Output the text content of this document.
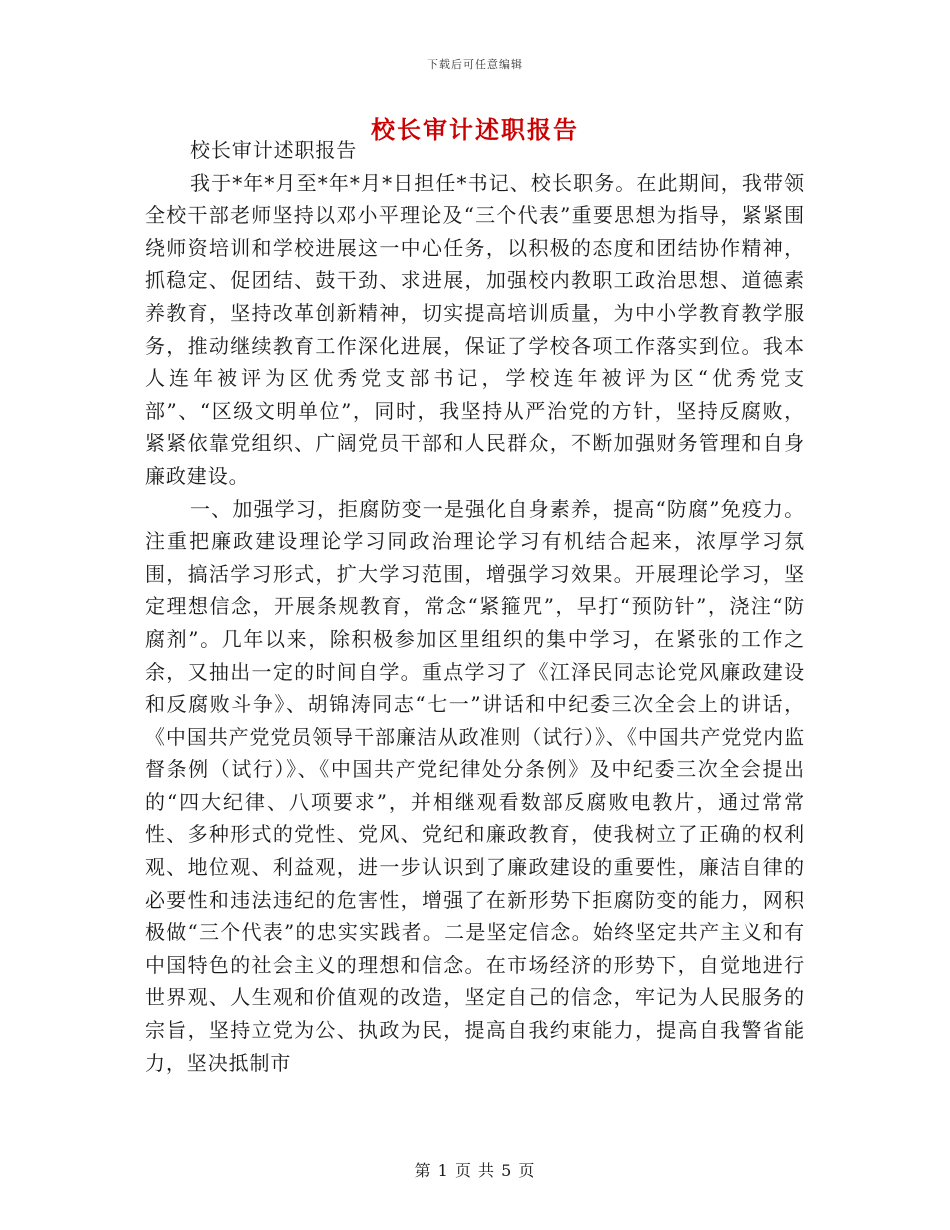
下载后可任意编辑
校长审计述职报告

校长审计述职报告

我于*年*月至*年*月*日担任*书记、校长职务。在此期间，我带领全校干部老师坚持以邓小平理论及“三个代表”重要思想为指导，紧紧围绕师资培训和学校进展这一中心任务，以积极的态度和团结协作精神，抓稳定、促团结、鼓干劲、求进展，加强校内教职工政治思想、道德素养教育，坚持改革创新精神，切实提高培训质量，为中小学教育教学服务，推动继续教育工作深化进展，保证了学校各项工作落实到位。我本人连年被评为区优秀党支部书记，学校连年被评为区“优秀党支部”、“区级文明单位”，同时，我坚持从严治党的方针，坚持反腐败，紧紧依靠党组织、广阔党员干部和人民群众，不断加强财务管理和自身廉政建设。

一、加强学习，拒腐防变一是强化自身素养，提高“防腐”免疫力。注重把廉政建设理论学习同政治理论学习有机结合起来，浓厚学习氛围，搞活学习形式，扩大学习范围，增强学习效果。开展理论学习，坚定理想信念，开展条规教育，常念“紧箍咒”，早打“预防针”，浇注“防腐剂”。几年以来，除积极参加区里组织的集中学习，在紧张的工作之余，又抽出一定的时间自学。重点学习了《江泽民同志论党风廉政建设和反腐败斗争》、胡锦涛同志“七一”讲话和中纪委三次全会上的讲话，《中国共产党党员领导干部廉洁从政准则（试行）》、《中国共产党党内监督条例（试行）》、《中国共产党纪律处分条例》及中纪委三次全会提出的“四大纪律、八项要求”，并相继观看数部反腐败电教片，通过常常性、多种形式的党性、党风、党纪和廉政教育，使我树立了正确的权利观、地位观、利益观，进一步认识到了廉政建设的重要性，廉洁自律的必要性和违法违纪的危害性，增强了在新形势下拒腐防变的能力，网积极做“三个代表”的忠实实践者。二是坚定信念。始终坚定共产主义和有中国特色的社会主义的理想和信念。在市场经济的形势下，自觉地进行世界观、人生观和价值观的改造，坚定自己的信念，牢记为人民服务的宗旨，坚持立党为公、执政为民，提高自我约束能力，提高自我警省能力，坚决抵制市

第 1 页 共 5 页
